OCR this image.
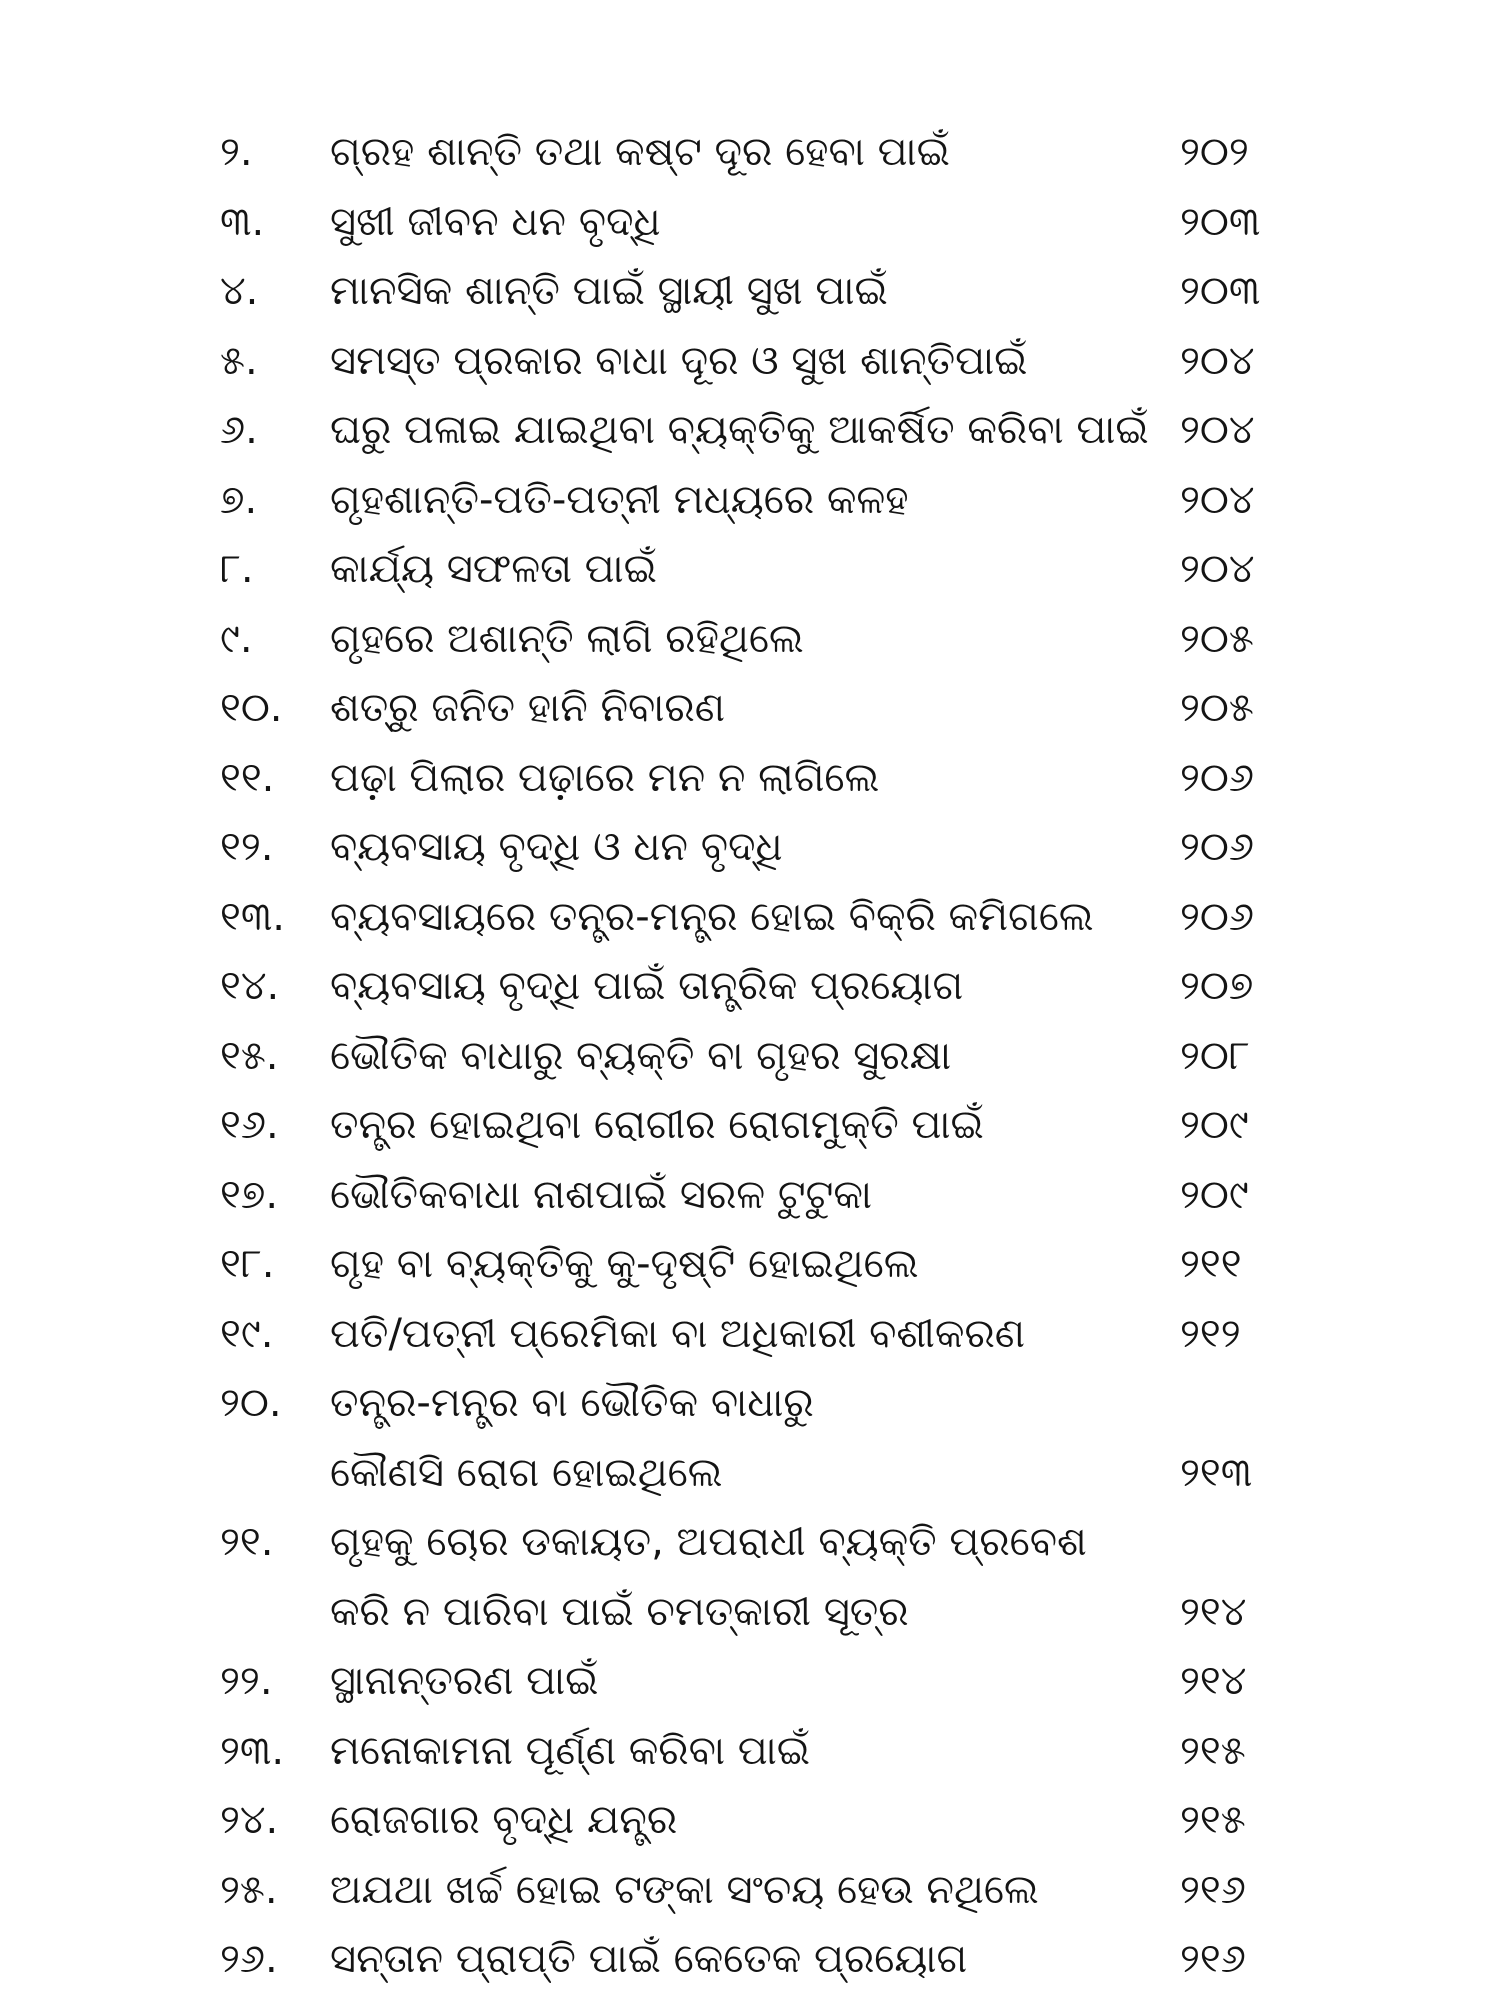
୨.	ଗ୍ରହ ଶାନ୍ତି ତଥା କଷ୍ଟ ଦୂର ହେବା ପାଇଁ	୨୦୨
୩.	ସୁଖୀ ଜୀବନ ଧନ ବୃଦ୍ଧି	୨୦୩
୪.	ମାନସିକ ଶାନ୍ତି ପାଇଁ ସ୍ଥାୟୀ ସୁଖ ପାଇଁ	୨୦୩
୫.	ସମସ୍ତ ପ୍ରକାର ବାଧା ଦୂର ଓ ସୁଖ ଶାନ୍ତିପାଇଁ	୨୦୪
୬.	ଘରୁ ପଳାଇ ଯାଇଥିବା ବ୍ୟକ୍ତିକୁ ଆକର୍ଷିତ କରିବା ପାଇଁ ୨୦୪
୭.	ଗୃହଶାନ୍ତି-ପତି-ପତ୍ନୀ ମଧ୍ୟରେ କଳହ	୨୦୪
୮.	କାର୍ଯ୍ୟ ସଫଳତା ପାଇଁ	୨୦୪
୯.	ଗୃହରେ ଅଶାନ୍ତି ଲାଗି ରହିଥିଲେ	୨୦୫
୧୦.	ଶତ୍ରୁ ଜନିତ ହାନି ନିବାରଣ	୨୦୫
୧୧.	ପଢ଼ା ପିଲାର ପଢ଼ାରେ ମନ ନ ଲାଗିଲେ	୨୦୬
୧୨.	ବ୍ୟବସାୟ ବୃଦ୍ଧି ଓ ଧନ ବୃଦ୍ଧି	୨୦୬
୧୩.	ବ୍ୟବସାୟରେ ତନ୍ତ୍ର-ମନ୍ତ୍ର ହୋଇ ବିକ୍ରି କମିଗଲେ	୨୦୬
୧୪.	ବ୍ୟବସାୟ ବୃଦ୍ଧି ପାଇଁ ତାନ୍ତ୍ରିକ ପ୍ରୟୋଗ	୨୦୭
୧୫.	ଭୌତିକ ବାଧାରୁ ବ୍ୟକ୍ତି ବା ଗୃହର ସୁରକ୍ଷା	୨୦୮
୧୬.	ତନ୍ତ୍ର ହୋଇଥିବା ରୋଗୀର ରୋଗମୁକ୍ତି ପାଇଁ	୨୦୯
୧୭.	ଭୌତିକବାଧା ନାଶପାଇଁ ସରଳ ଟୁଟୁକା	୨୦୯
୧୮.	ଗୃହ ବା ବ୍ୟକ୍ତିକୁ କୁ-ଦୃଷ୍ଟି ହୋଇଥିଲେ	୨୧୧
୧୯.	ପତି/ପତ୍ନୀ ପ୍ରେମିକା ବା ଅଧିକାରୀ ବଶୀକରଣ	୨୧୨
୨୦.	ତନ୍ତ୍ର-ମନ୍ତ୍ର ବା ଭୌତିକ ବାଧାରୁ
କୌଣସି ରୋଗ ହୋଇଥିଲେ	୨୧୩
୨୧.	ଗୃହକୁ ଚୋର ଡକାୟତ, ଅପରାଧୀ ବ୍ୟକ୍ତି ପ୍ରବେଶ
କରି ନ ପାରିବା ପାଇଁ ଚମତ୍କାରୀ ସୂତ୍ର	୨୧୪
୨୨.	ସ୍ଥାନାନ୍ତରଣ ପାଇଁ	୨୧୪
୨୩.	ମନୋକାମନା ପୂର୍ଣ୍ଣ କରିବା ପାଇଁ	୨୧୫
୨୪.	ରୋଜଗାର ବୃଦ୍ଧି ଯନ୍ତ୍ର	୨୧୫
୨୫.	ଅଯଥା ଖର୍ଚ୍ଚ ହୋଇ ଟଙ୍କା ସଂଚୟ ହେଉ ନଥିଲେ	୨୧୬
୨୬.	ସନ୍ତାନ ପ୍ରାପ୍ତି ପାଇଁ କେତେକ ପ୍ରୟୋଗ	୨୧୬
